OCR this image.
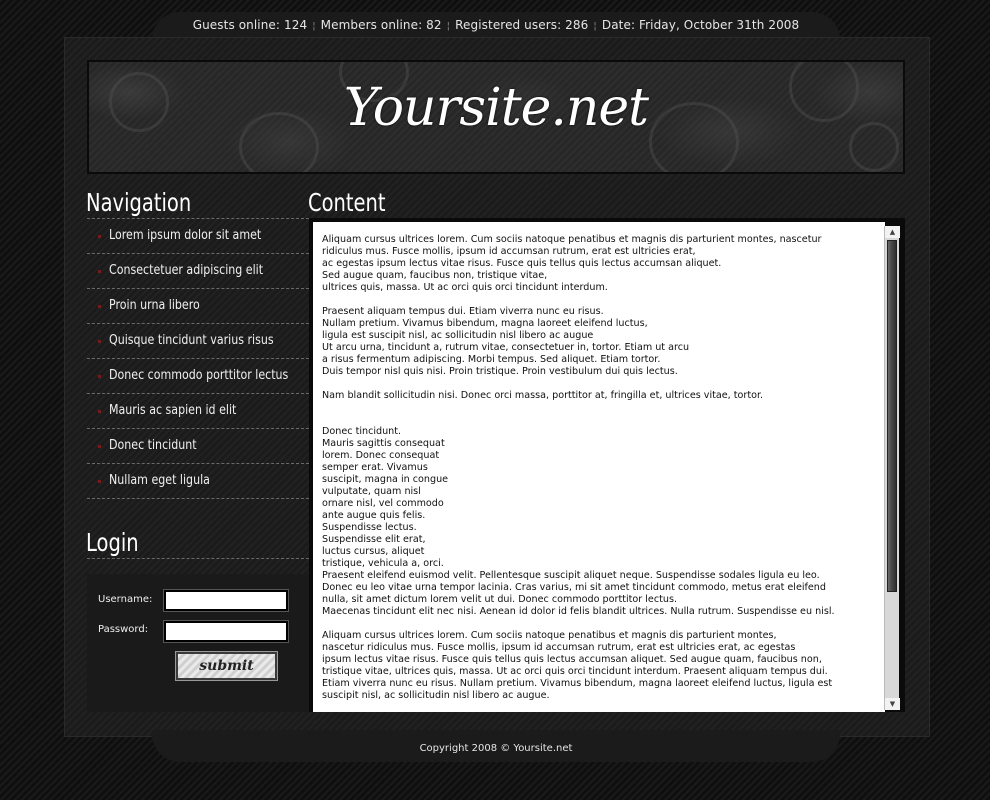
Guests online: 124 ¦ Members online: 82 ¦ Registered users: 286 ¦ Date: Friday, October 31th 2008
Yoursite.net
Navigation
Lorem ipsum dolor sit amet
Consectetuer adipiscing elit
Proin urna libero
Quisque tincidunt varius risus
Donec commodo porttitor lectus
Mauris ac sapien id elit
Donec tincidunt
Nullam eget ligula
Login
Username:
Password:
submit
Content
Aliquam cursus ultrices lorem. Cum sociis natoque penatibus et magnis dis parturient montes, nascetur
ridiculus mus. Fusce mollis, ipsum id accumsan rutrum, erat est ultricies erat,
ac egestas ipsum lectus vitae risus. Fusce quis tellus quis lectus accumsan aliquet.
Sed augue quam, faucibus non, tristique vitae,
ultrices quis, massa. Ut ac orci quis orci tincidunt interdum.

Praesent aliquam tempus dui. Etiam viverra nunc eu risus.
Nullam pretium. Vivamus bibendum, magna laoreet eleifend luctus,
ligula est suscipit nisl, ac sollicitudin nisl libero ac augue
Ut arcu urna, tincidunt a, rutrum vitae, consectetuer in, tortor. Etiam ut arcu
a risus fermentum adipiscing. Morbi tempus. Sed aliquet. Etiam tortor.
Duis tempor nisl quis nisi. Proin tristique. Proin vestibulum dui quis lectus.

Nam blandit sollicitudin nisi. Donec orci massa, porttitor at, fringilla et, ultrices vitae, tortor.

Donec tincidunt.
Mauris sagittis consequat
lorem. Donec consequat
semper erat. Vivamus
suscipit, magna in congue
vulputate, quam nisl
ornare nisl, vel commodo
ante augue quis felis.
Suspendisse lectus.
Suspendisse elit erat,
luctus cursus, aliquet
tristique, vehicula a, orci.
Praesent eleifend euismod velit. Pellentesque suscipit aliquet neque. Suspendisse sodales ligula eu leo.
Donec eu leo vitae urna tempor lacinia. Cras varius, mi sit amet tincidunt commodo, metus erat eleifend
nulla, sit amet dictum lorem velit ut dui. Donec commodo porttitor lectus.
Maecenas tincidunt elit nec nisi. Aenean id dolor id felis blandit ultrices. Nulla rutrum. Suspendisse eu nisl.

Aliquam cursus ultrices lorem. Cum sociis natoque penatibus et magnis dis parturient montes,
nascetur ridiculus mus. Fusce mollis, ipsum id accumsan rutrum, erat est ultricies erat, ac egestas
ipsum lectus vitae risus. Fusce quis tellus quis lectus accumsan aliquet. Sed augue quam, faucibus non,
tristique vitae, ultrices quis, massa. Ut ac orci quis orci tincidunt interdum. Praesent aliquam tempus dui.
Etiam viverra nunc eu risus. Nullam pretium. Vivamus bibendum, magna laoreet eleifend luctus, ligula est
suscipit nisl, ac sollicitudin nisl libero ac augue.
▲
▼
Copyright 2008 © Yoursite.net
